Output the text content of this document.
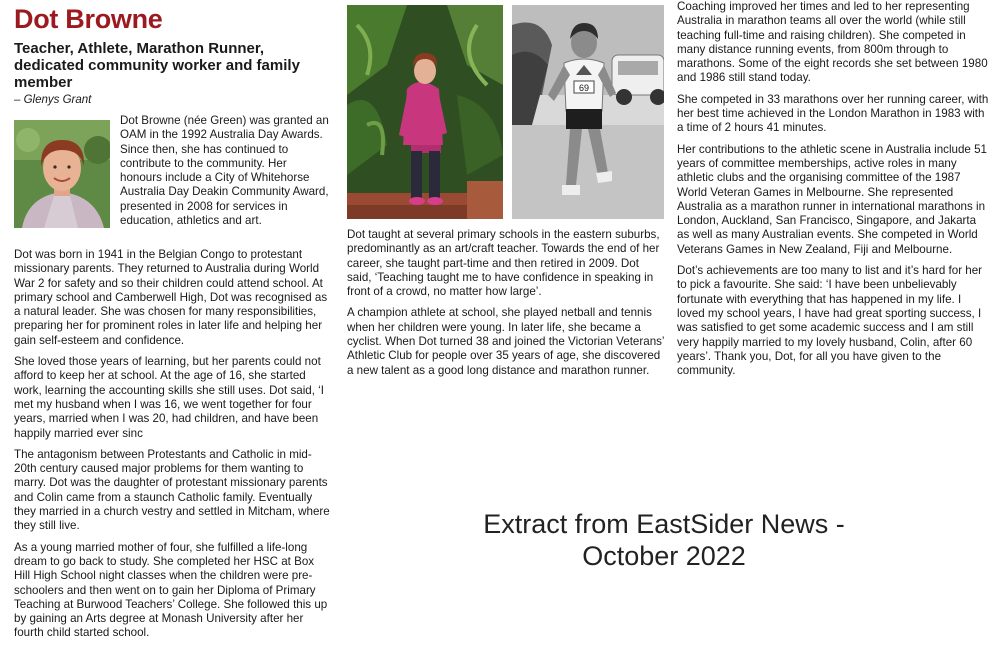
Dot Browne
Teacher, Athlete, Marathon Runner, dedicated community worker and family member
– Glenys Grant

Dot Browne (née Green) was granted an OAM in the 1992 Australia Day Awards. Since then, she has continued to contribute to the community. Her honours include a City of Whitehorse Australia Day Deakin Community Award, presented in 2008 for services in education, athletics and art.

Dot was born in 1941 in the Belgian Congo to protestant missionary parents. They returned to Australia during World War 2 for safety and so their children could attend school. At primary school and Camberwell High, Dot was recognised as a natural leader. She was chosen for many responsibilities, preparing her for prominent roles in later life and helping her gain self-esteem and confidence.

She loved those years of learning, but her parents could not afford to keep her at school. At the age of 16, she started work, learning the accounting skills she still uses. Dot said, ‘I met my husband when I was 16, we went together for four years, married when I was 20, had children, and have been happily married ever sinc

The antagonism between Protestants and Catholic in mid-20th century caused major problems for them wanting to marry. Dot was the daughter of protestant missionary parents and Colin came from a staunch Catholic family. Eventually they married in a church vestry and settled in Mitcham, where they still live.

As a young married mother of four, she fulfilled a life-long dream to go back to study. She completed her HSC at Box Hill High School night classes when the children were pre-schoolers and then went on to gain her Diploma of Primary Teaching at Burwood Teachers’ College. She followed this up by gaining an Arts degree at Monash University after her fourth child started school.

69

Dot taught at several primary schools in the eastern suburbs, predominantly as an art/craft teacher. Towards the end of her career, she taught part-time and then retired in 2009. Dot said, ‘Teaching taught me to have confidence in speaking in front of a crowd, no matter how large’.

A champion athlete at school, she played netball and tennis when her children were young. In later life, she became a cyclist. When Dot turned 38 and joined the Victorian Veterans’ Athletic Club for people over 35 years of age, she discovered a new talent as a good long distance and marathon runner.

Coaching improved her times and led to her representing Australia in marathon teams all over the world (while still teaching full-time and raising children). She competed in many distance running events, from 800m through to marathons. Some of the eight records she set between 1980 and 1986 still stand today.

She competed in 33 marathons over her running career, with her best time achieved in the London Marathon in 1983 with a time of 2 hours 41 minutes.

Her contributions to the athletic scene in Australia include 51 years of committee memberships, active roles in many athletic clubs and the organising committee of the 1987 World Veteran Games in Melbourne. She represented Australia as a marathon runner in international marathons in London, Auckland, San Francisco, Singapore, and Jakarta as well as many Australian events. She competed in World Veterans Games in New Zealand, Fiji and Melbourne.

Dot’s achievements are too many to list and it’s hard for her to pick a favourite. She said: ‘I have been unbelievably fortunate with everything that has happened in my life. I loved my school years, I have had great sporting success, I was satisfied to get some academic success and I am still very happily married to my lovely husband, Colin, after 60 years’. Thank you, Dot, for all you have given to the community.

Extract from EastSider News -
October 2022
